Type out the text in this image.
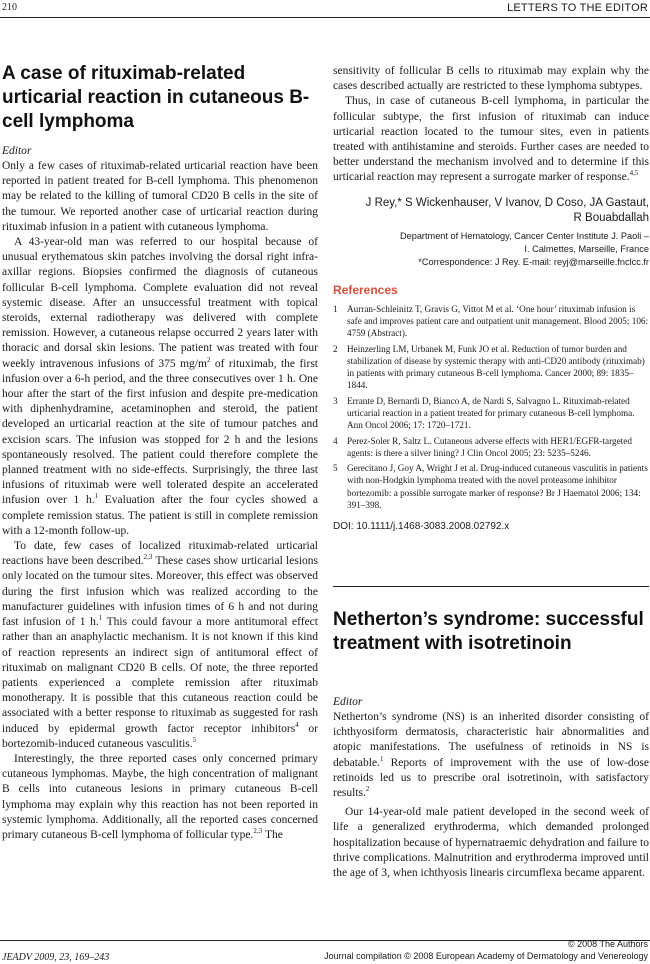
210	LETTERS TO THE EDITOR
A case of rituximab-related urticarial reaction in cutaneous B-cell lymphoma
Editor

Only a few cases of rituximab-related urticarial reaction have been reported in patient treated for B-cell lymphoma. This phenomenon may be related to the killing of tumoral CD20 B cells in the site of the tumour. We reported another case of urticarial reaction during rituximab infusion in a patient with cutaneous lymphoma.

A 43-year-old man was referred to our hospital because of unusual erythematous skin patches involving the dorsal right infra-axillar regions. Biopsies confirmed the diagnosis of cutaneous follicular B-cell lymphoma. Complete evaluation did not reveal systemic disease. After an unsuccessful treatment with topical steroids, external radiotherapy was delivered with complete remission. However, a cutaneous relapse occurred 2 years later with thoracic and dorsal skin lesions. The patient was treated with four weekly intravenous infusions of 375 $mg/m^2$ of rituximab, the first infusion over a 6-h period, and the three consecutives over 1 h. One hour after the start of the first infusion and despite pre-medication with diphenhydramine, acetaminophen and steroid, the patient developed an urticarial reaction at the site of tumour patches and excision scars. The infusion was stopped for 2 h and the lesions spontaneously resolved. The patient could therefore complete the planned treatment with no side-effects. Surprisingly, the three last infusions of rituximab were well tolerated despite an accelerated infusion over 1 h.$^1$ Evaluation after the four cycles showed a complete remission status. The patient is still in complete remission with a 12-month follow-up.

To date, few cases of localized rituximab-related urticarial reactions have been described.$^{2,3}$ These cases show urticarial lesions only located on the tumour sites. Moreover, this effect was observed during the first infusion which was realized according to the manufacturer guidelines with infusion times of 6 h and not during fast infusion of 1 h.$^1$ This could favour a more antitumoral effect rather than an anaphylactic mechanism. It is not known if this kind of reaction represents an indirect sign of antitumoral effect of rituximab on malignant CD20 B cells. Of note, the three reported patients experienced a complete remission after rituximab monotherapy. It is possible that this cutaneous reaction could be associated with a better response to rituximab as suggested for rash induced by epidermal growth factor receptor inhibitors$^4$ or bortezomib-induced cutaneous vasculitis.$^5$

Interestingly, the three reported cases only concerned primary cutaneous lymphomas. Maybe, the high concentration of malignant B cells into cutaneous lesions in primary cutaneous B-cell lymphoma may explain why this reaction has not been reported in systemic lymphoma. Additionally, all the reported cases concerned primary cutaneous B-cell lymphoma of follicular type.$^{2,3}$ The

sensitivity of follicular B cells to rituximab may explain why the cases described actually are restricted to these lymphoma subtypes.

Thus, in case of cutaneous B-cell lymphoma, in particular the follicular subtype, the first infusion of rituximab can induce urticarial reaction located to the tumour sites, even in patients treated with antihistamine and steroids. Further cases are needed to better understand the mechanism involved and to determine if this urticarial reaction may represent a surrogate marker of response.$^{4,5}$

J Rey,* S Wickenhauser, V Ivanov, D Coso, JA Gastaut,
R Bouabdallah
Department of Hematology, Cancer Center Institute J. Paoli –
I. Calmettes, Marseille, France
*Correspondence: J Rey. E-mail: reyj@marseille.fnclcc.fr
References
1 Aurran-Schleinitz T, Gravis G, Vittot M et al. ‘One hour’ rituximab infusion is safe and improves patient care and outpatient unit management. Blood 2005; 106: 4759 (Abstract).
2 Heinzerling LM, Urbanek M, Funk JO et al. Reduction of tumor burden and stabilization of disease by systemic therapy with anti-CD20 antibody (rituximab) in patients with primary cutaneous B-cell lymphoma. Cancer 2000; 89: 1835–1844.
3 Errante D, Bernardi D, Bianco A, de Nardi S, Salvagno L. Rituximab-related urticarial reaction in a patient treated for primary cutaneous B-cell lymphoma. Ann Oncol 2006; 17: 1720–1721.
4 Perez-Soler R, Saltz L. Cutaneous adverse effects with HER1/EGFR-targeted agents: is there a silver lining? J Clin Oncol 2005; 23: 5235–5246.
5 Gerecitano J, Goy A, Wright J et al. Drug-induced cutaneous vasculitis in patients with non-Hodgkin lymphoma treated with the novel proteasome inhibitor bortezomib: a possible surrogate marker of response? Br J Haematol 2006; 134: 391–398.
DOI: 10.1111/j.1468-3083.2008.02792.x
Netherton’s syndrome: successful treatment with isotretinoin
Editor

Netherton’s syndrome (NS) is an inherited disorder consisting of ichthyosiform dermatosis, characteristic hair abnormalities and atopic manifestations. The usefulness of retinoids in NS is debatable.$^1$ Reports of improvement with the use of low-dose retinoids led us to prescribe oral isotretinoin, with satisfactory results.$^2$

Our 14-year-old male patient developed in the second week of life a generalized erythroderma, which demanded prolonged hospitalization because of hypernatraemic dehydration and failure to thrive complications. Malnutrition and erythroderma improved until the age of 3, when ichthyosis linearis circumflexa became apparent.

JEADV 2009, 23, 169–243
© 2008 The Authors
Journal compilation © 2008 European Academy of Dermatology and Venereology
